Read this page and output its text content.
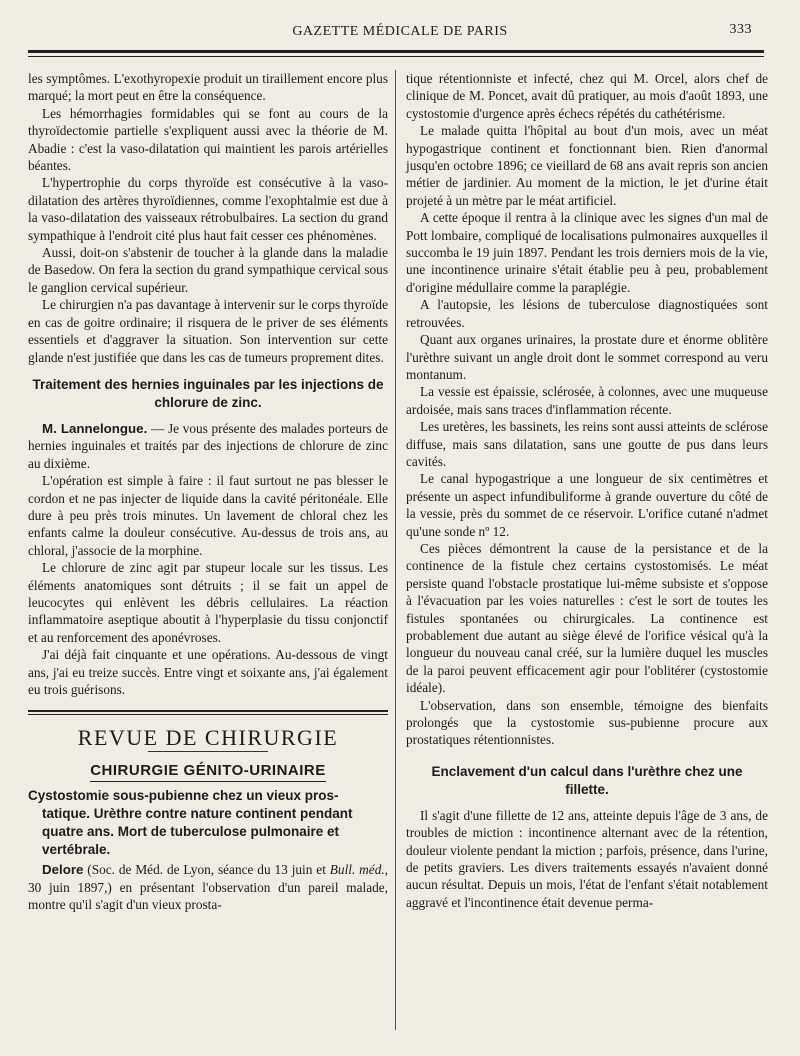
GAZETTE MÉDICALE DE PARIS	333

les symptômes. L'exothyropexie produit un tiraillement encore plus marqué; la mort peut en être la conséquence.

Les hémorrhagies formidables qui se font au cours de la thyroïdectomie partielle s'expliquent aussi avec la théorie de M. Abadie : c'est la vaso-dilatation qui maintient les parois artérielles béantes.

L'hypertrophie du corps thyroïde est consécutive à la vaso-dilatation des artères thyroïdiennes, comme l'exophtalmie est due à la vaso-dilatation des vaisseaux rétrobulbaires. La section du grand sympathique à l'endroit cité plus haut fait cesser ces phénomènes.

Aussi, doit-on s'abstenir de toucher à la glande dans la maladie de Basedow. On fera la section du grand sympathique cervical sous le ganglion cervical supérieur.

Le chirurgien n'a pas davantage à intervenir sur le corps thyroïde en cas de goitre ordinaire; il risquera de le priver de ses éléments essentiels et d'aggraver la situation. Son intervention sur cette glande n'est justifiée que dans les cas de tumeurs proprement dites.

Traitement des hernies inguinales par les injections de chlorure de zinc.

M. Lannelongue. — Je vous présente des malades porteurs de hernies inguinales et traités par des injections de chlorure de zinc au dixième.

L'opération est simple à faire : il faut surtout ne pas blesser le cordon et ne pas injecter de liquide dans la cavité péritonéale. Elle dure à peu près trois minutes. Un lavement de chloral chez les enfants calme la douleur consécutive. Au-dessus de trois ans, au chloral, j'associe de la morphine.

Le chlorure de zinc agit par stupeur locale sur les tissus. Les éléments anatomiques sont détruits ; il se fait un appel de leucocytes qui enlèvent les débris cellulaires. La réaction inflammatoire aseptique aboutit à l'hyperplasie du tissu conjonctif et au renforcement des aponévroses.

J'ai déjà fait cinquante et une opérations. Au-dessous de vingt ans, j'ai eu treize succès. Entre vingt et soixante ans, j'ai également eu trois guérisons.

REVUE DE CHIRURGIE
CHIRURGIE GÉNITO-URINAIRE
Cystostomie sous-pubienne chez un vieux pros-
tatique. Urèthre contre nature continent pendant quatre ans. Mort de tuberculose pulmonaire et vertébrale.

Delore (Soc. de Méd. de Lyon, séance du 13 juin et Bull. méd., 30 juin 1897,) en présentant l'observation d'un pareil malade, montre qu'il s'agit d'un vieux prosta-

tique rétentionniste et infecté, chez qui M. Orcel, alors chef de clinique de M. Poncet, avait dû pratiquer, au mois d'août 1893, une cystostomie d'urgence après échecs répétés du cathétérisme.

Le malade quitta l'hôpital au bout d'un mois, avec un méat hypogastrique continent et fonctionnant bien. Rien d'anormal jusqu'en octobre 1896; ce vieillard de 68 ans avait repris son ancien métier de jardinier. Au moment de la miction, le jet d'urine était projeté à un mètre par le méat artificiel.

A cette époque il rentra à la clinique avec les signes d'un mal de Pott lombaire, compliqué de localisations pulmonaires auxquelles il succomba le 19 juin 1897. Pendant les trois derniers mois de la vie, une incontinence urinaire s'était établie peu à peu, probablement d'origine médullaire comme la paraplégie.

A l'autopsie, les lésions de tuberculose diagnostiquées sont retrouvées.

Quant aux organes urinaires, la prostate dure et énorme oblitère l'urèthre suivant un angle droit dont le sommet correspond au veru montanum.

La vessie est épaissie, sclérosée, à colonnes, avec une muqueuse ardoisée, mais sans traces d'inflammation récente.

Les uretères, les bassinets, les reins sont aussi atteints de sclérose diffuse, mais sans dilatation, sans une goutte de pus dans leurs cavités.

Le canal hypogastrique a une longueur de six centimètres et présente un aspect infundibuliforme à grande ouverture du côté de la vessie, près du sommet de ce réservoir. L'orifice cutané n'admet qu'une sonde nº 12.

Ces pièces démontrent la cause de la persistance et de la continence de la fistule chez certains cystostomisés. Le méat persiste quand l'obstacle prostatique lui-même subsiste et s'oppose à l'évacuation par les voies naturelles : c'est le sort de toutes les fistules spontanées ou chirurgicales. La continence est probablement due autant au siège élevé de l'orifice vésical qu'à la longueur du nouveau canal créé, sur la lumière duquel les muscles de la paroi peuvent efficacement agir pour l'oblitérer (cystostomie idéale).

L'observation, dans son ensemble, témoigne des bienfaits prolongés que la cystostomie sus-pubienne procure aux prostatiques rétentionnistes.

Enclavement d'un calcul dans l'urèthre chez une fillette.

Il s'agit d'une fillette de 12 ans, atteinte depuis l'âge de 3 ans, de troubles de miction : incontinence alternant avec de la rétention, douleur violente pendant la miction ; parfois, présence, dans l'urine, de petits graviers. Les divers traitements essayés n'avaient donné aucun résultat. Depuis un mois, l'état de l'enfant s'était notablement aggravé et l'incontinence était devenue perma-
